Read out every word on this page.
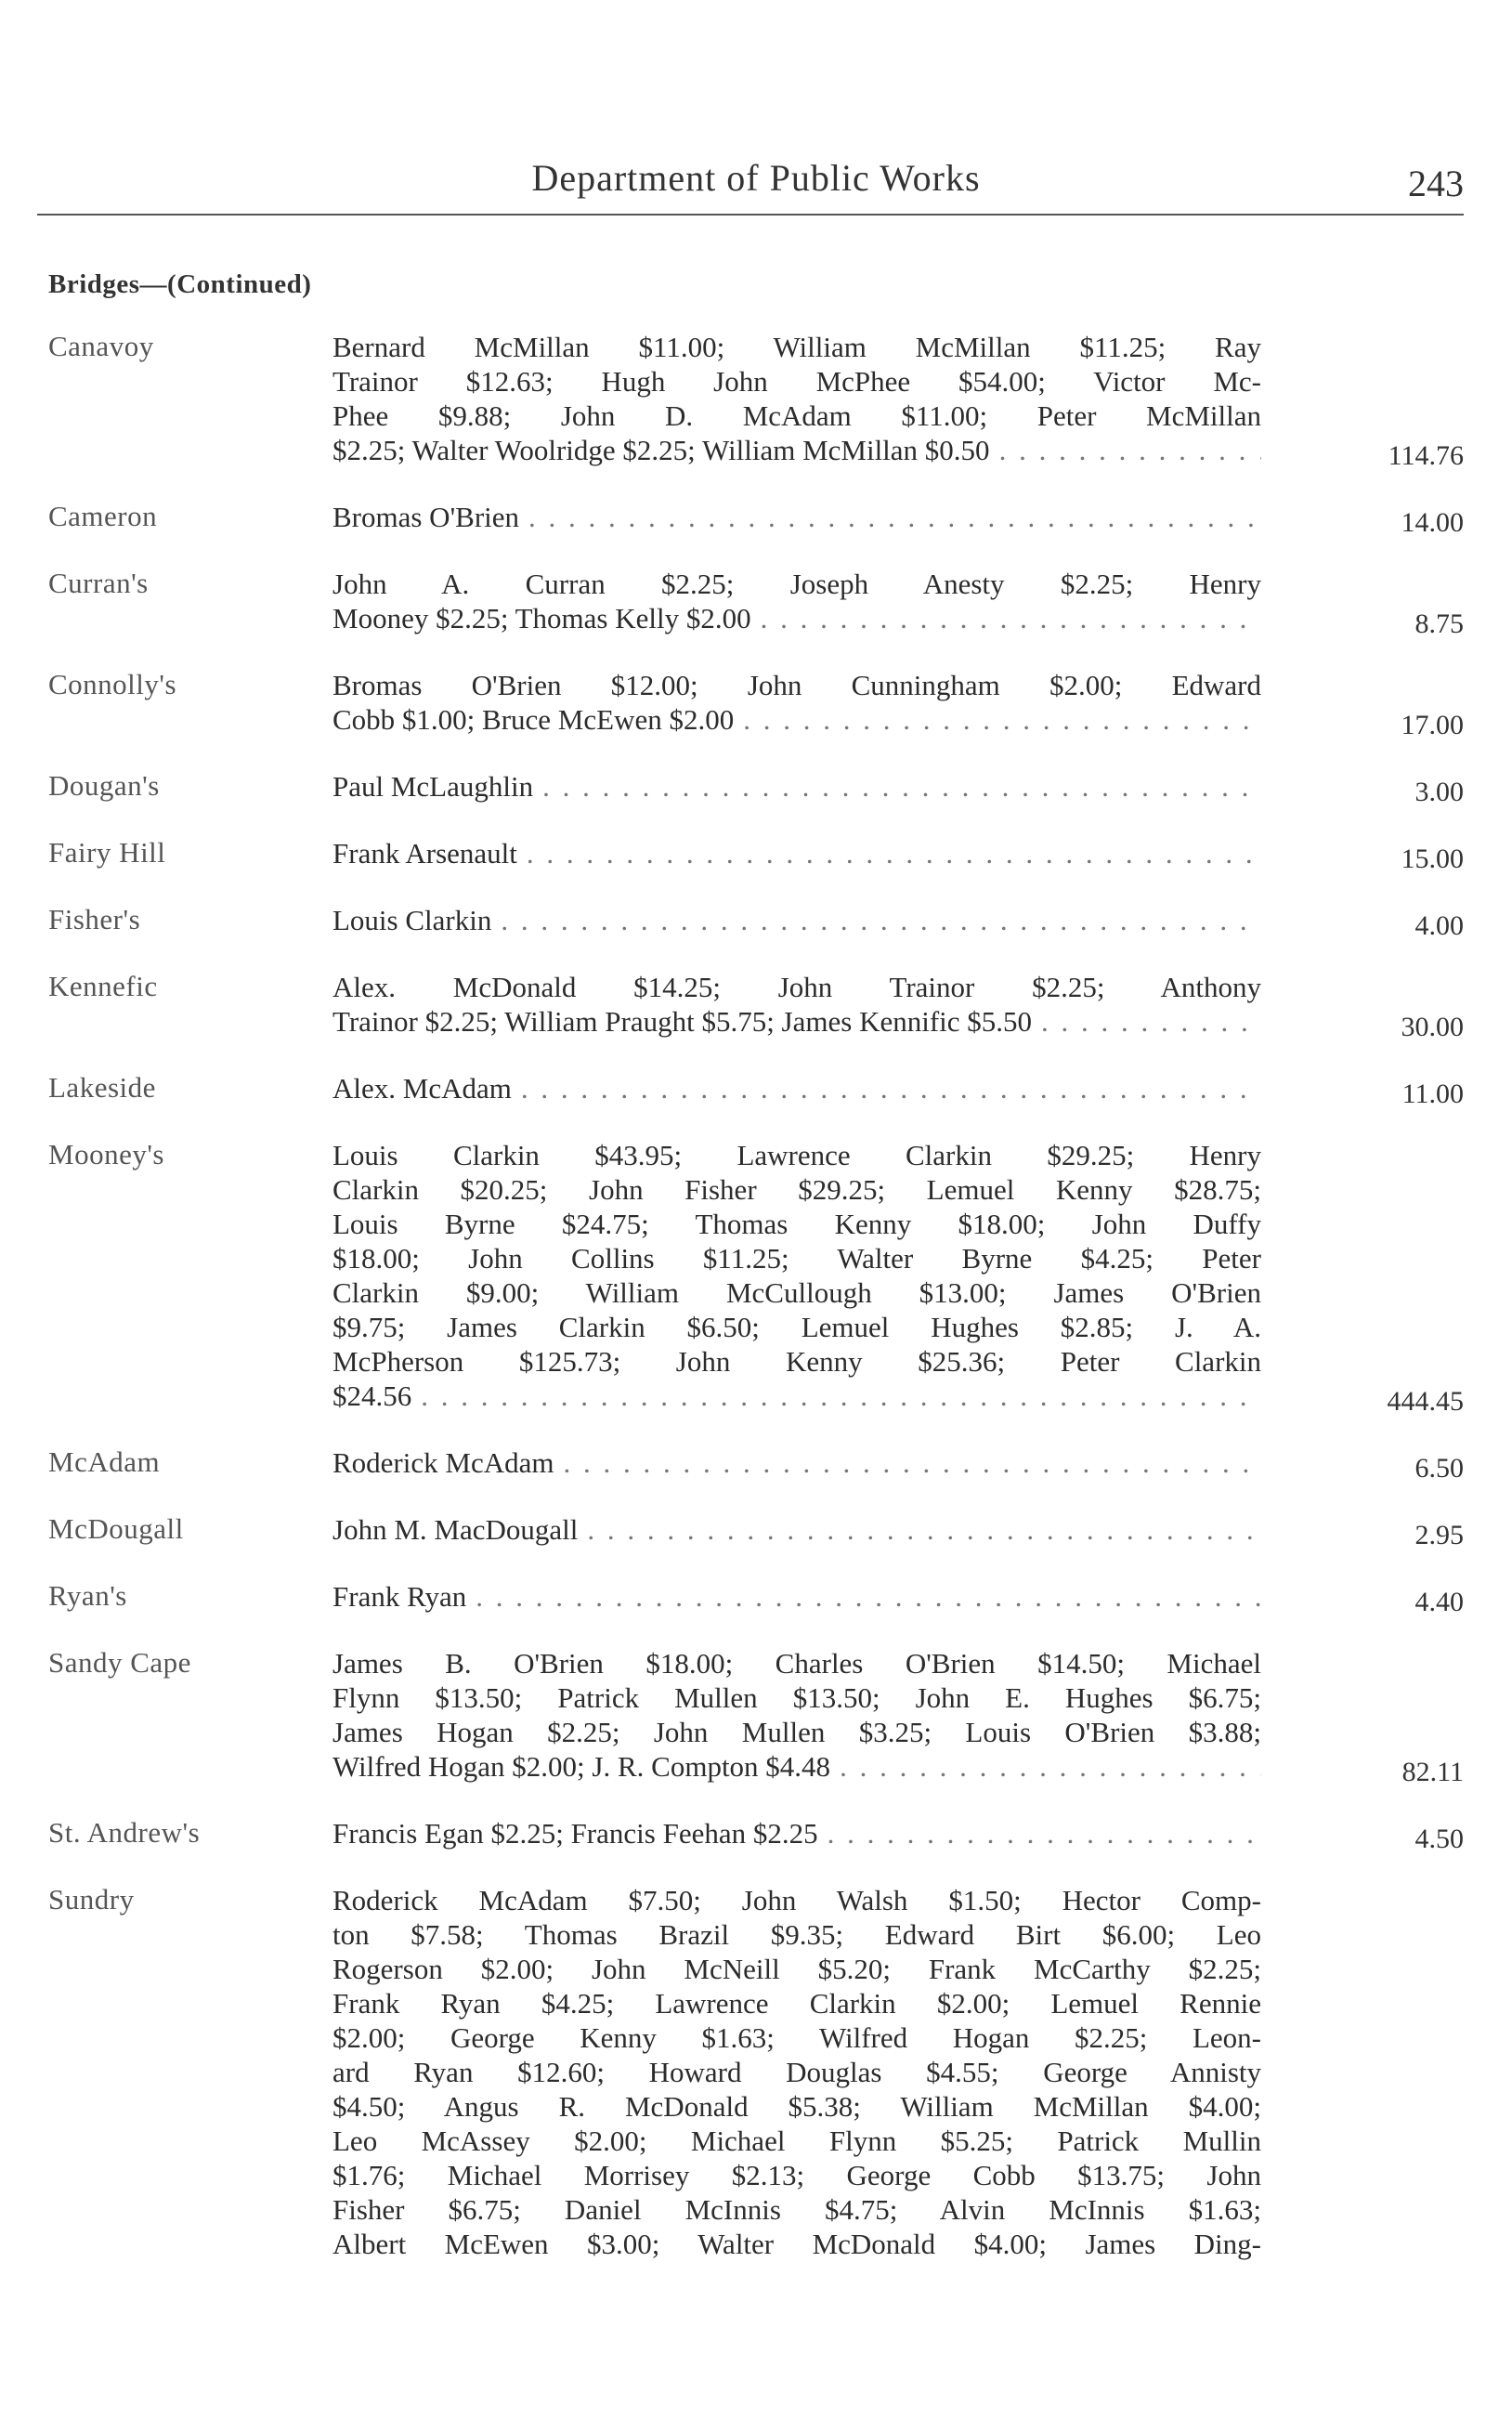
Department of Public Works	243
Bridges—(Continued)
Canavoy	Bernard McMillan $11.00; William McMillan $11.25; Ray
Trainor $12.63; Hugh John McPhee $54.00; Victor Mc-
Phee $9.88; John D. McAdam $11.00; Peter McMillan
$2.25; Walter Woolridge $2.25; William McMillan $0.50 . . .	114.76
Cameron	Bromas O'Brien . . .	14.00
Curran's	John A. Curran $2.25; Joseph Anesty $2.25; Henry
Mooney $2.25; Thomas Kelly $2.00 . . .	8.75
Connolly's	Bromas O'Brien $12.00; John Cunningham $2.00; Edward
Cobb $1.00; Bruce McEwen $2.00 . . .	17.00
Dougan's	Paul McLaughlin . . .	3.00
Fairy Hill	Frank Arsenault . . .	15.00
Fisher's	Louis Clarkin . . .	4.00
Kennefic	Alex. McDonald $14.25; John Trainor $2.25; Anthony
Trainor $2.25; William Praught $5.75; James Kennific $5.50 . . .	30.00
Lakeside	Alex. McAdam . . .	11.00
Mooney's	Louis Clarkin $43.95; Lawrence Clarkin $29.25; Henry
Clarkin $20.25; John Fisher $29.25; Lemuel Kenny $28.75;
Louis Byrne $24.75; Thomas Kenny $18.00; John Duffy
$18.00; John Collins $11.25; Walter Byrne $4.25; Peter
Clarkin $9.00; William McCullough $13.00; James O'Brien
$9.75; James Clarkin $6.50; Lemuel Hughes $2.85; J. A.
McPherson $125.73; John Kenny $25.36; Peter Clarkin
$24.56 . . .	444.45
McAdam	Roderick McAdam . . .	6.50
McDougall	John M. MacDougall . . .	2.95
Ryan's	Frank Ryan . . .	4.40
Sandy Cape	James B. O'Brien $18.00; Charles O'Brien $14.50; Michael
Flynn $13.50; Patrick Mullen $13.50; John E. Hughes $6.75;
James Hogan $2.25; John Mullen $3.25; Louis O'Brien $3.88;
Wilfred Hogan $2.00; J. R. Compton $4.48 . . .	82.11
St. Andrew's	Francis Egan $2.25; Francis Feehan $2.25 . . .	4.50
Sundry	Roderick McAdam $7.50; John Walsh $1.50; Hector Comp-
ton $7.58; Thomas Brazil $9.35; Edward Birt $6.00; Leo
Rogerson $2.00; John McNeill $5.20; Frank McCarthy $2.25;
Frank Ryan $4.25; Lawrence Clarkin $2.00; Lemuel Rennie
$2.00; George Kenny $1.63; Wilfred Hogan $2.25; Leon-
ard Ryan $12.60; Howard Douglas $4.55; George Annisty
$4.50; Angus R. McDonald $5.38; William McMillan $4.00;
Leo McAssey $2.00; Michael Flynn $5.25; Patrick Mullin
$1.76; Michael Morrisey $2.13; George Cobb $13.75; John
Fisher $6.75; Daniel McInnis $4.75; Alvin McInnis $1.63;
Albert McEwen $3.00; Walter McDonald $4.00; James Ding-
